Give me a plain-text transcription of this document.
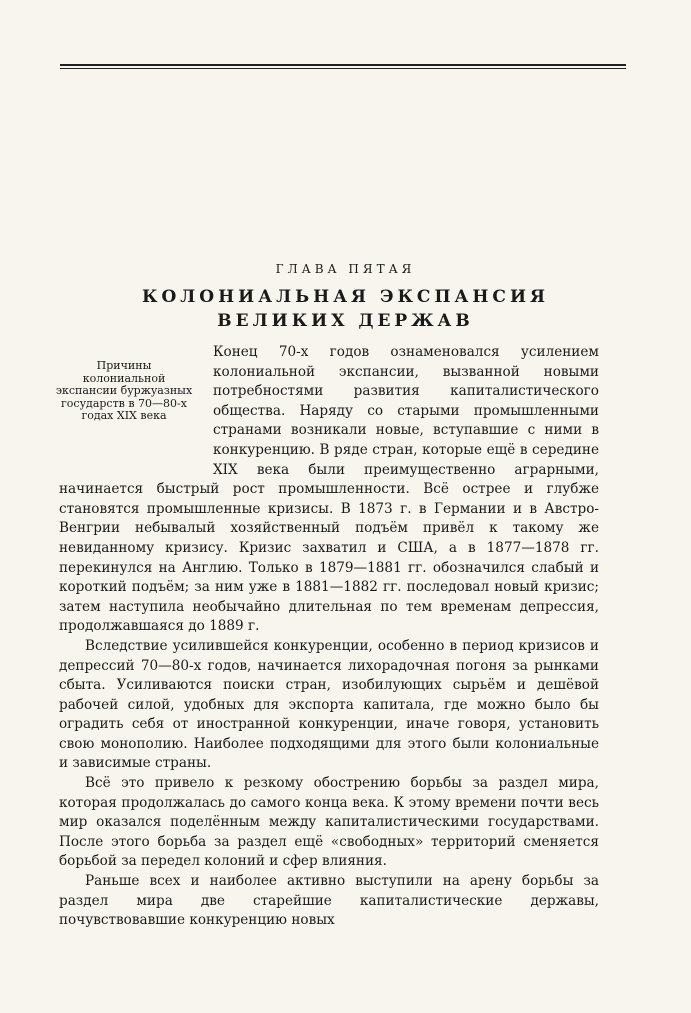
ГЛАВА ПЯТАЯ
КОЛОНИАЛЬНАЯ ЭКСПАНСИЯ
ВЕЛИКИХ ДЕРЖАВ
Причины колониальной экспансии буржуазных государств в 70—80-х годах XIX века

Конец 70-х годов ознаменовался усилением колониальной экспансии, вызванной новыми потребностями развития капиталистического общества. Наряду со старыми промышленными странами возникали новые, вступавшие с ними в конкуренцию. В ряде стран, которые ещё в середине XIX века были преимущественно аграрными, начинается быстрый рост промышленности. Всё острее и глубже становятся промышленные кризисы. В 1873 г. в Германии и в Австро-Венгрии небывалый хозяйственный подъём привёл к такому же невиданному кризису. Кризис захватил и США, а в 1877—1878 гг. перекинулся на Англию. Только в 1879—1881 гг. обозначился слабый и короткий подъём; за ним уже в 1881—1882 гг. последовал новый кризис; затем наступила необычайно длительная по тем временам депрессия, продолжавшаяся до 1889 г.

Вследствие усилившейся конкуренции, особенно в период кризисов и депрессий 70—80-х годов, начинается лихорадочная погоня за рынками сбыта. Усиливаются поиски стран, изобилующих сырьём и дешёвой рабочей силой, удобных для экспорта капитала, где можно было бы оградить себя от иностранной конкуренции, иначе говоря, установить свою монополию. Наиболее подходящими для этого были колониальные и зависимые страны.

Всё это привело к резкому обострению борьбы за раздел мира, которая продолжалась до самого конца века. К этому времени почти весь мир оказался поделённым между капиталистическими государствами. После этого борьба за раздел ещё «свободных» территорий сменяется борьбой за передел колоний и сфер влияния.

Раньше всех и наиболее активно выступили на арену борьбы за раздел мира две старейшие капиталистические державы, почувствовавшие конкуренцию новых
